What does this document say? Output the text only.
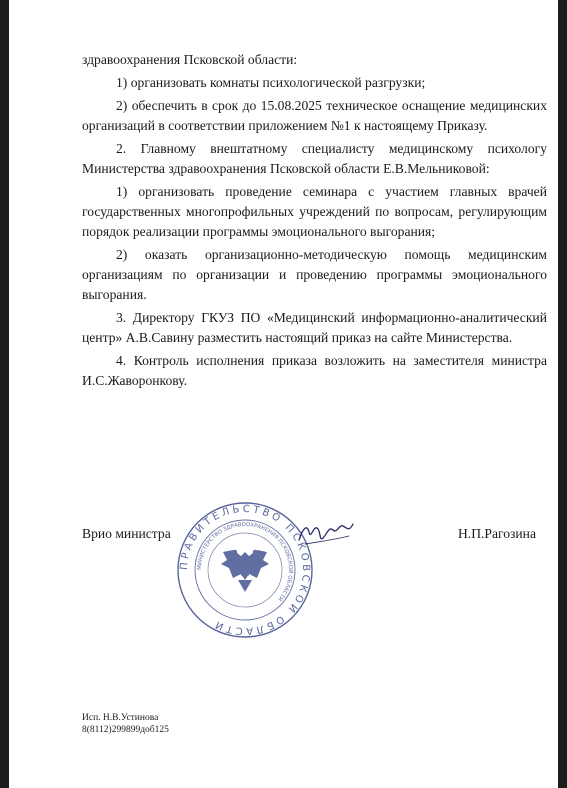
здравоохранения Псковской области:

1) организовать комнаты психологической разгрузки;

2) обеспечить в срок до 15.08.2025 техническое оснащение медицинских организаций в соответствии приложением №1 к настоящему Приказу.

2. Главному внештатному специалисту медицинскому психологу Министерства здравоохранения Псковской области Е.В.Мельниковой:

1) организовать проведение семинара с участием главных врачей государственных многопрофильных учреждений по вопросам, регулирующим порядок реализации программы эмоционального выгорания;

2) оказать организационно-методическую помощь медицинским организациям по организации и проведению программы эмоционального выгорания.

3. Директору ГКУЗ ПО «Медицинский информационно-аналитический центр» А.В.Савину разместить настоящий приказ на сайте Министерства.

4. Контроль исполнения приказа возложить на заместителя министра И.С.Жаворонкову.

Врио министра	Н.П.Рагозина
ПРАВИТЕЛЬСТВО ПСКОВСКОЙ ОБЛАСТИ
МИНИСТЕРСТВО ЗДРАВООХРАНЕНИЯ ПСКОВСКОЙ ОБЛАСТИ
Исп. Н.В.Устинова
8(8112)299899доб125
